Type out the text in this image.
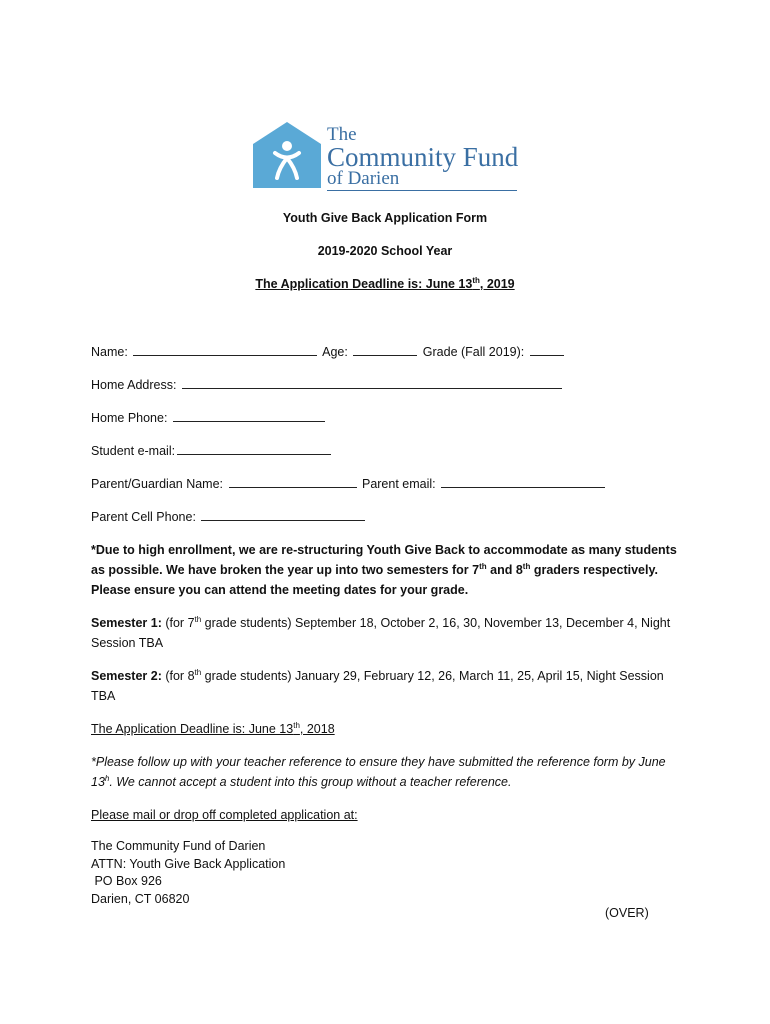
The
Community Fund
of Darien
Youth Give Back Application Form
2019-2020 School Year
The Application Deadline is: June 13th, 2019
Name:	Age:	Grade (Fall 2019):
Home Address:
Home Phone:
Student e-mail:
Parent/Guardian Name:	Parent email:
Parent Cell Phone:
*Due to high enrollment, we are re-structuring Youth Give Back to accommodate as many students as possible. We have broken the year up into two semesters for 7th and 8th graders respectively. Please ensure you can attend the meeting dates for your grade.
Semester 1: (for 7th grade students) September 18, October 2, 16, 30, November 13, December 4, Night Session TBA
Semester 2: (for 8th grade students) January 29, February 12, 26, March 11, 25, April 15, Night Session TBA
The Application Deadline is: June 13th, 2018
*Please follow up with your teacher reference to ensure they have submitted the reference form by June 13$^h$. We cannot accept a student into this group without a teacher reference.
Please mail or drop off completed application at:
The Community Fund of Darien
ATTN: Youth Give Back Application
PO Box 926
Darien, CT 06820
(OVER)
